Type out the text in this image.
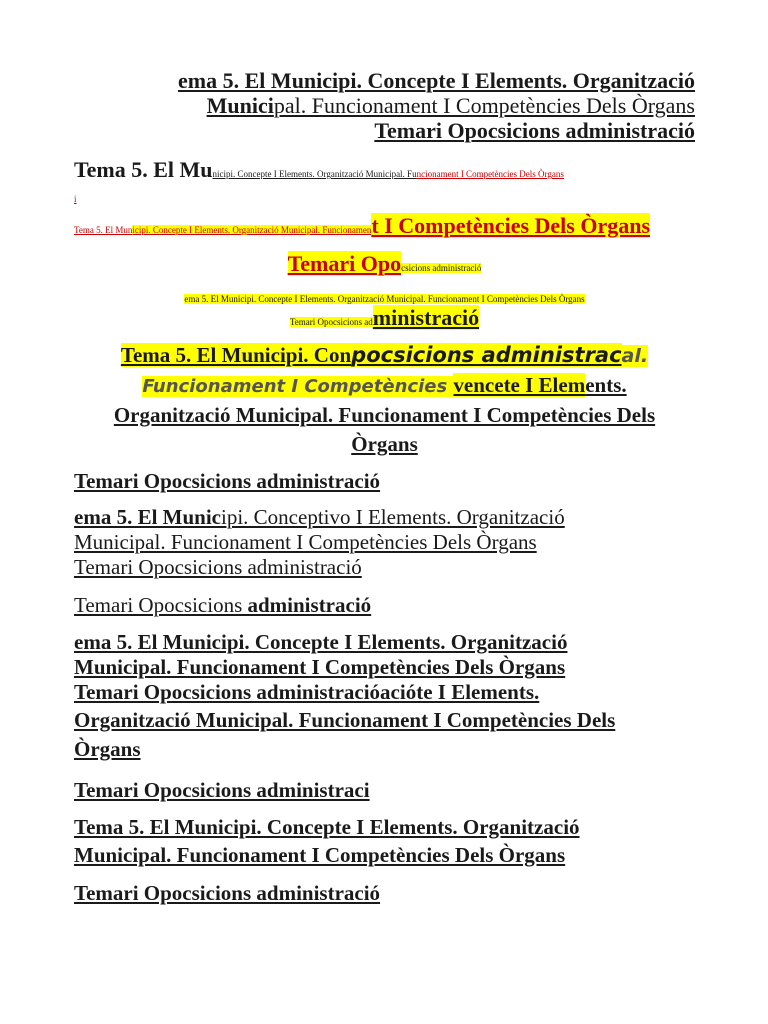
ema 5. El Municipi. Concepte I Elements. Organització

Municipal. Funcionament I Competències Dels Òrgans

Temari Opocsicions administració

Tema 5. El Municipi. Concepte I Elements. Organització Municipal. Funcionament I Competències Dels Òrgans
i
Tema 5. El Municipi. Concepte I Elements. Organització Municipal. Funcionament I Competències Dels Òrgans
Temari Opocsicions administració
ema 5. El Municipi. Concepte I Elements. Organització Municipal. Funcionament I Competències Dels Òrgans
Temari Opocsicions administració

Tema 5. El Municipi. Conpocsicions administracal.

Funcionament I Competències vencete I Elements.

Organització Municipal. Funcionament I Competències Dels

Òrgans

Temari Opocsicions administració

ema 5. El Municipi. Conceptivo I Elements. Organització

Municipal. Funcionament I Competències Dels Òrgans

Temari Opocsicions administració

Temari Opocsicions administració

ema 5. El Municipi. Concepte I Elements. Organització

Municipal. Funcionament I Competències Dels Òrgans

Temari Opocsicions administracióacióte I Elements.

Organització Municipal. Funcionament I Competències Dels

Òrgans

Temari Opocsicions administraci

Tema 5. El Municipi. Concepte I Elements. Organització

Municipal. Funcionament I Competències Dels Òrgans

Temari Opocsicions administració
